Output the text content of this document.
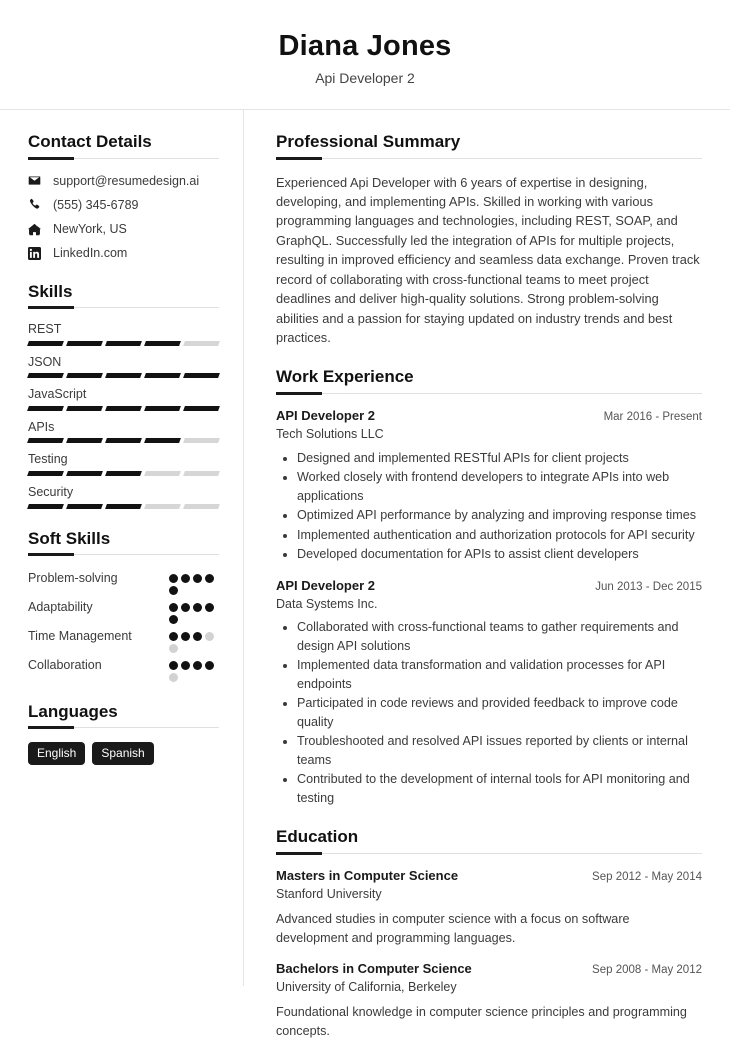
Diana Jones
Api Developer 2
Contact Details
support@resumedesign.ai
(555) 345-6789
NewYork, US
LinkedIn.com
Skills
REST
JSON
JavaScript
APIs
Testing
Security
Soft Skills
Problem-solving
Adaptability
Time Management
Collaboration
Languages
English	Spanish
Professional Summary

Experienced Api Developer with 6 years of expertise in designing, developing, and implementing APIs. Skilled in working with various programming languages and technologies, including REST, SOAP, and GraphQL. Successfully led the integration of APIs for multiple projects, resulting in improved efficiency and seamless data exchange. Proven track record of collaborating with cross-functional teams to meet project deadlines and deliver high-quality solutions. Strong problem-solving abilities and a passion for staying updated on industry trends and best practices.

Work Experience
API Developer 2	Mar 2016 - Present
Tech Solutions LLC
• Designed and implemented RESTful APIs for client projects
• Worked closely with frontend developers to integrate APIs into web applications
• Optimized API performance by analyzing and improving response times
• Implemented authentication and authorization protocols for API security
• Developed documentation for APIs to assist client developers
API Developer 2	Jun 2013 - Dec 2015
Data Systems Inc.
• Collaborated with cross-functional teams to gather requirements and design API solutions
• Implemented data transformation and validation processes for API endpoints
• Participated in code reviews and provided feedback to improve code quality
• Troubleshooted and resolved API issues reported by clients or internal teams
• Contributed to the development of internal tools for API monitoring and testing
Education
Masters in Computer Science	Sep 2012 - May 2014
Stanford University

Advanced studies in computer science with a focus on software development and programming languages.

Bachelors in Computer Science	Sep 2008 - May 2012
University of California, Berkeley

Foundational knowledge in computer science principles and programming concepts.
